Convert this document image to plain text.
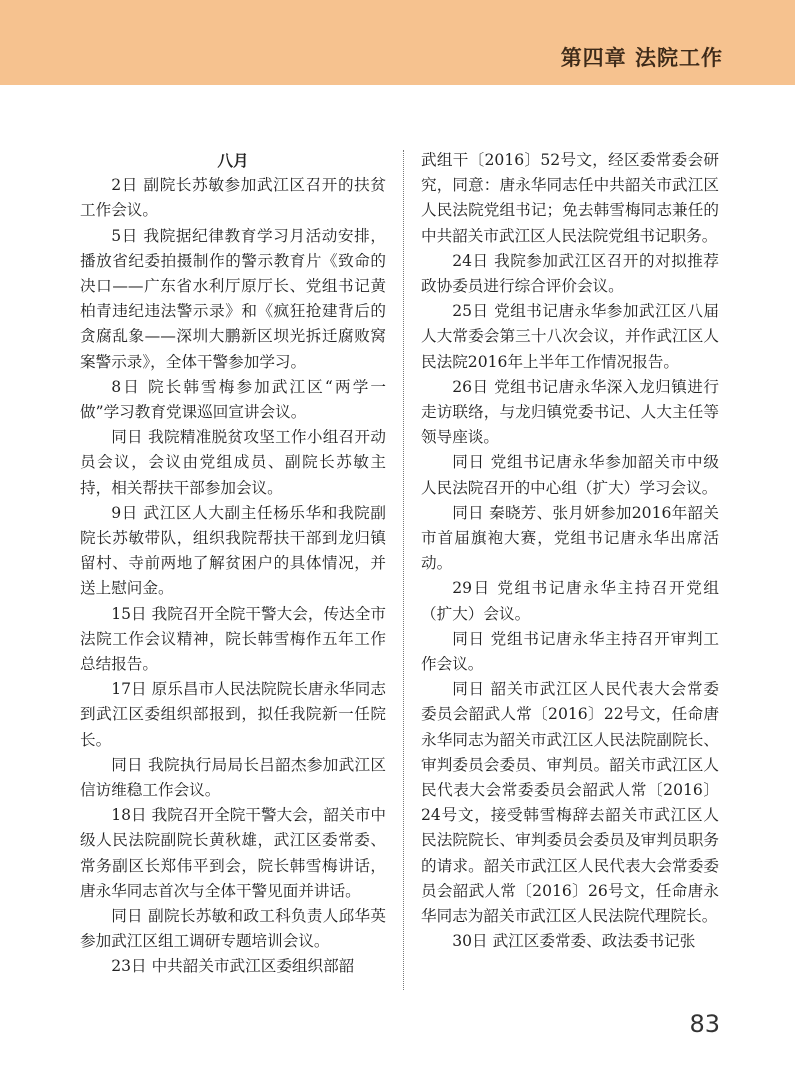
第四章 法院工作
八月

2日 副院长苏敏参加武江区召开的扶贫工作会议。

5日 我院据纪律教育学习月活动安排，播放省纪委拍摄制作的警示教育片《致命的决口——广东省水利厅原厅长、党组书记黄柏青违纪违法警示录》和《疯狂抢建背后的贪腐乱象——深圳大鹏新区坝光拆迁腐败窝案警示录》，全体干警参加学习。

8日 院长韩雪梅参加武江区“两学一做”学习教育党课巡回宣讲会议。

同日 我院精准脱贫攻坚工作小组召开动员会议，会议由党组成员、副院长苏敏主持，相关帮扶干部参加会议。

9日 武江区人大副主任杨乐华和我院副院长苏敏带队，组织我院帮扶干部到龙归镇留村、寺前两地了解贫困户的具体情况，并送上慰问金。

15日 我院召开全院干警大会，传达全市法院工作会议精神，院长韩雪梅作五年工作总结报告。

17日 原乐昌市人民法院院长唐永华同志到武江区委组织部报到，拟任我院新一任院长。

同日 我院执行局局长吕韶杰参加武江区信访维稳工作会议。

18日 我院召开全院干警大会，韶关市中级人民法院副院长黄秋雄，武江区委常委、常务副区长郑伟平到会，院长韩雪梅讲话，唐永华同志首次与全体干警见面并讲话。

同日 副院长苏敏和政工科负责人邱华英参加武江区组工调研专题培训会议。

23日 中共韶关市武江区委组织部韶

武组干〔2016〕52号文，经区委常委会研究，同意：唐永华同志任中共韶关市武江区人民法院党组书记；免去韩雪梅同志兼任的中共韶关市武江区人民法院党组书记职务。

24日 我院参加武江区召开的对拟推荐政协委员进行综合评价会议。

25日 党组书记唐永华参加武江区八届人大常委会第三十八次会议，并作武江区人民法院2016年上半年工作情况报告。

26日 党组书记唐永华深入龙归镇进行走访联络，与龙归镇党委书记、人大主任等领导座谈。

同日 党组书记唐永华参加韶关市中级人民法院召开的中心组（扩大）学习会议。

同日 秦晓芳、张月妍参加2016年韶关市首届旗袍大赛，党组书记唐永华出席活动。

29日 党组书记唐永华主持召开党组（扩大）会议。

同日 党组书记唐永华主持召开审判工作会议。

同日 韶关市武江区人民代表大会常委委员会韶武人常〔2016〕22号文，任命唐永华同志为韶关市武江区人民法院副院长、审判委员会委员、审判员。韶关市武江区人民代表大会常委委员会韶武人常〔2016〕24号文，接受韩雪梅辞去韶关市武江区人民法院院长、审判委员会委员及审判员职务的请求。韶关市武江区人民代表大会常委委员会韶武人常〔2016〕26号文，任命唐永华同志为韶关市武江区人民法院代理院长。

30日 武江区委常委、政法委书记张

83
